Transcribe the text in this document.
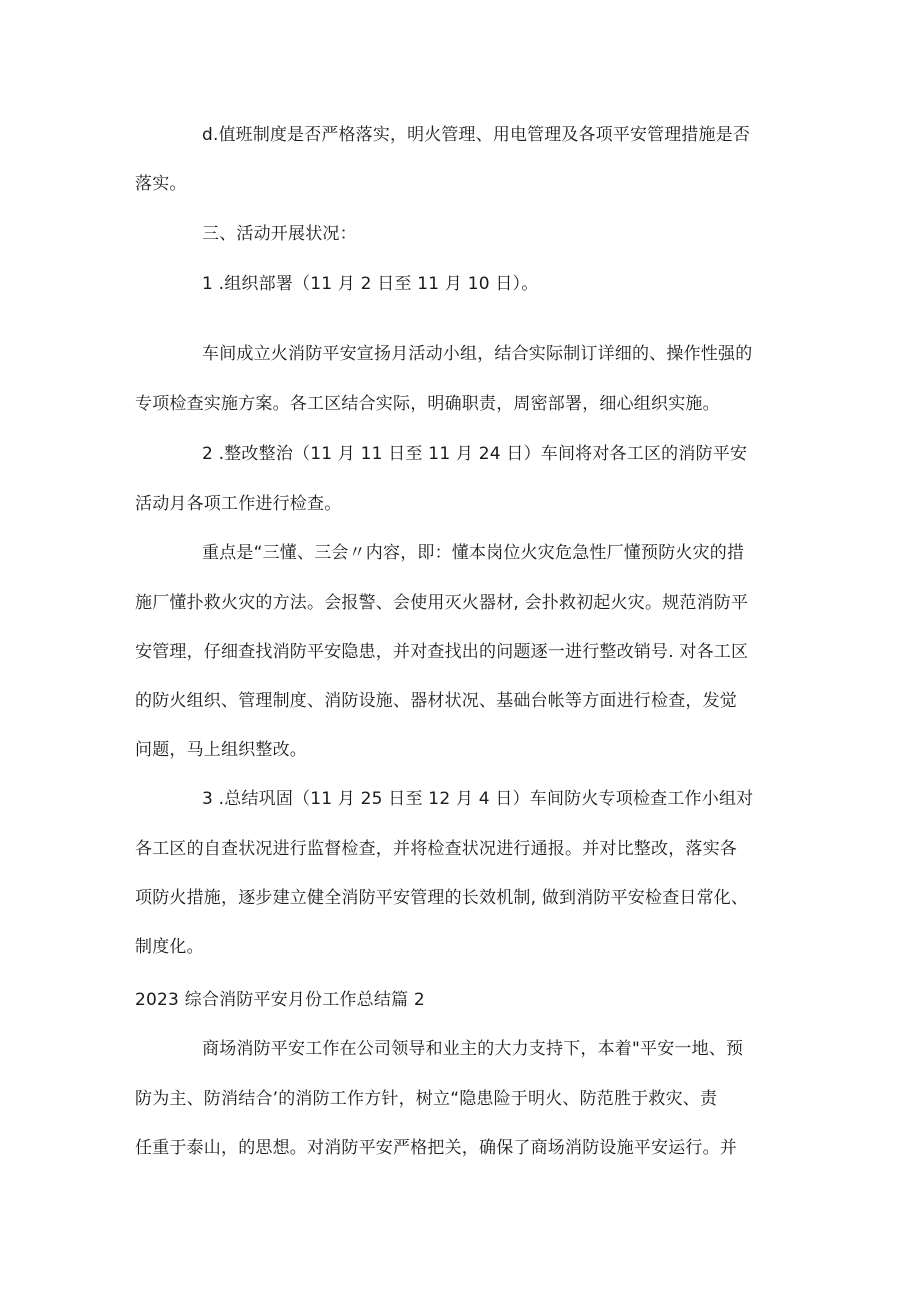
d.值班制度是否严格落实，明火管理、用电管理及各项平安管理措施是否
落实。
三、活动开展状况：
1 .组织部署（11 月 2 日至 11 月 10 日）。
车间成立火消防平安宣扬月活动小组，结合实际制订详细的、操作性强的
专项检查实施方案。各工区结合实际，明确职责，周密部署，细心组织实施。
2 .整改整治（11 月 11 日至 11 月 24 日）车间将对各工区的消防平安
活动月各项工作进行检查。
重点是“三懂、三会〃内容，即：懂本岗位火灾危急性厂懂预防火灾的措
施厂懂扑救火灾的方法。会报警、会使用灭火器材, 会扑救初起火灾。规范消防平
安管理，仔细查找消防平安隐患，并对查找出的问题逐一进行整改销号. 对各工区
的防火组织、管理制度、消防设施、器材状况、基础台帐等方面进行检查，发觉
问题，马上组织整改。
3 .总结巩固（11 月 25 日至 12 月 4 日）车间防火专项检查工作小组对
各工区的自查状况进行监督检查，并将检查状况进行通报。并对比整改，落实各
项防火措施，逐步建立健全消防平安管理的长效机制, 做到消防平安检查日常化、
制度化。
2023 综合消防平安月份工作总结篇 2
商场消防平安工作在公司领导和业主的大力支持下，本着"平安一地、预
防为主、防消结合’的消防工作方针，树立“隐患险于明火、防范胜于救灾、责
任重于泰山，的思想。对消防平安严格把关，确保了商场消防设施平安运行。并
